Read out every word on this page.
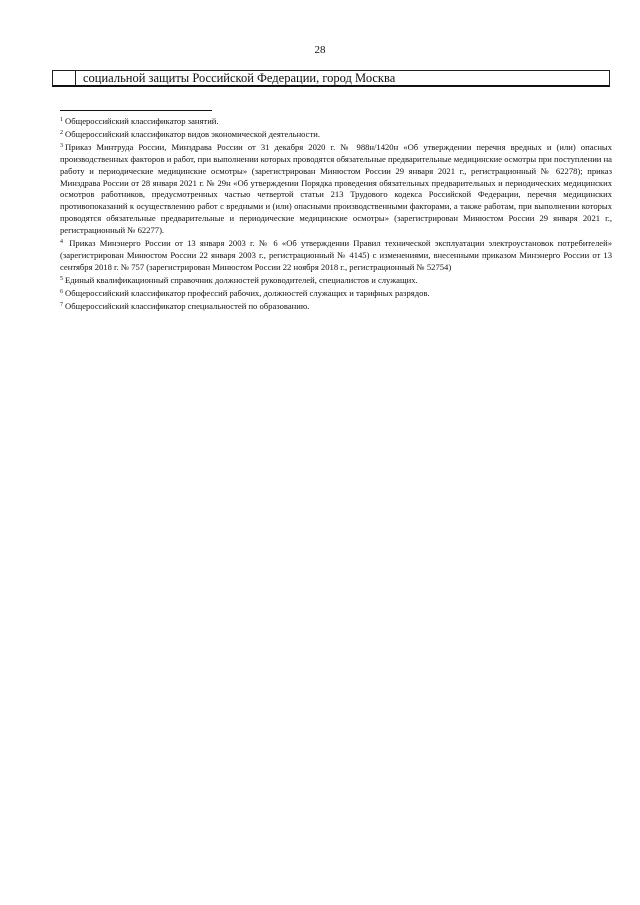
28
социальной защиты Российской Федерации, город Москва

$^1$ Общероссийский классификатор занятий.

$^2$ Общероссийский классификатор видов экономической деятельности.

$^3$ Приказ Минтруда России, Минздрава России от 31 декабря 2020 г. № 988н/1420н «Об утверждении перечня вредных и (или) опасных производственных факторов и работ, при выполнении которых проводятся обязательные предварительные медицинские осмотры при поступлении на работу и периодические медицинские осмотры» (зарегистрирован Минюстом России 29 января 2021 г., регистрационный № 62278); приказ Минздрава России от 28 января 2021 г. № 29н «Об утверждении Порядка проведения обязательных предварительных и периодических медицинских осмотров работников, предусмотренных частью четвертой статьи 213 Трудового кодекса Российской Федерации, перечня медицинских противопоказаний к осуществлению работ с вредными и (или) опасными производственными факторами, а также работам, при выполнении которых проводятся обязательные предварительные и периодические медицинские осмотры» (зарегистрирован Минюстом России 29 января 2021 г., регистрационный № 62277).

$^4$ Приказ Минэнерго России от 13 января 2003 г. № 6 «Об утверждении Правил технической эксплуатации электроустановок потребителей» (зарегистрирован Минюстом России 22 января 2003 г., регистрационный № 4145) с изменениями, внесенными приказом Минэнерго России от 13 сентября 2018 г. № 757 (зарегистрирован Минюстом России 22 ноября 2018 г., регистрационный № 52754)

$^5$ Единый квалификационный справочник должностей руководителей, специалистов и служащих.

$^6$ Общероссийский классификатор профессий рабочих, должностей служащих и тарифных разрядов.

$^7$ Общероссийский классификатор специальностей по образованию.
